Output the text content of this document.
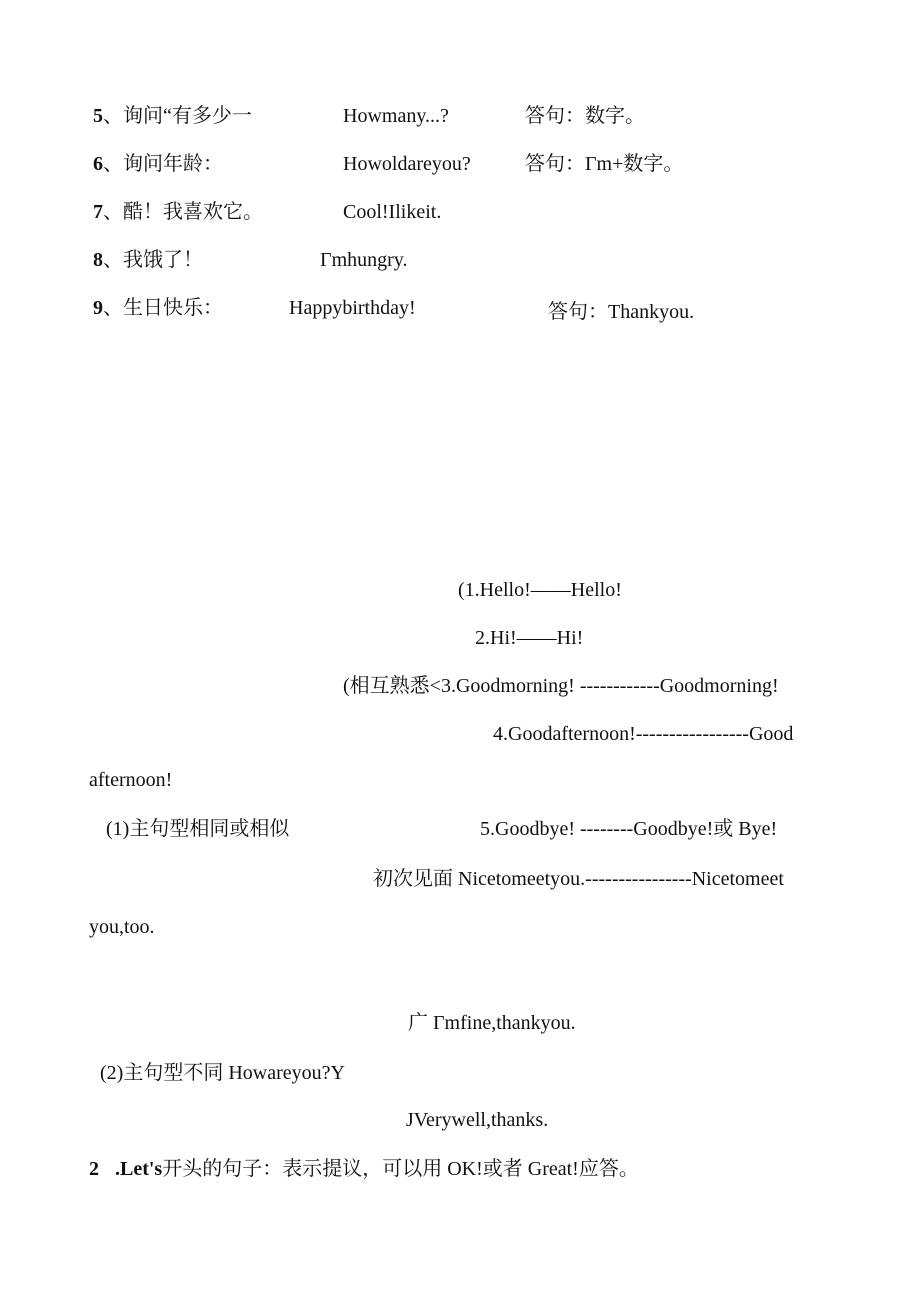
5、询问“有多少一	Howmany...?	答句：数字。
6、询问年龄：	Howoldareyou?	答句：Γm+数字。
7、酷！我喜欢它。	Cool!Ilikeit.
8、我饿了！	Γmhungry.
9、生日快乐：	Happybirthday!	答句：Thankyou.
(1.Hello!——Hello!
2.Hi!——Hi!
(相互熟悉<3.Goodmorning! ------------Goodmorning!
4.Goodafternoon!-----------------Good
afternoon!
(1)主句型相同或相似	5.Goodbye! --------Goodbye!或 Bye!
初次见面 Nicetomeetyou.----------------Nicetomeet
you,too.
广 Γmfine,thankyou.
(2)主句型不同 Howareyou?Y
JVerywell,thanks.
2 .Let's开头的句子：表示提议，可以用 OK!或者 Great!应答。
